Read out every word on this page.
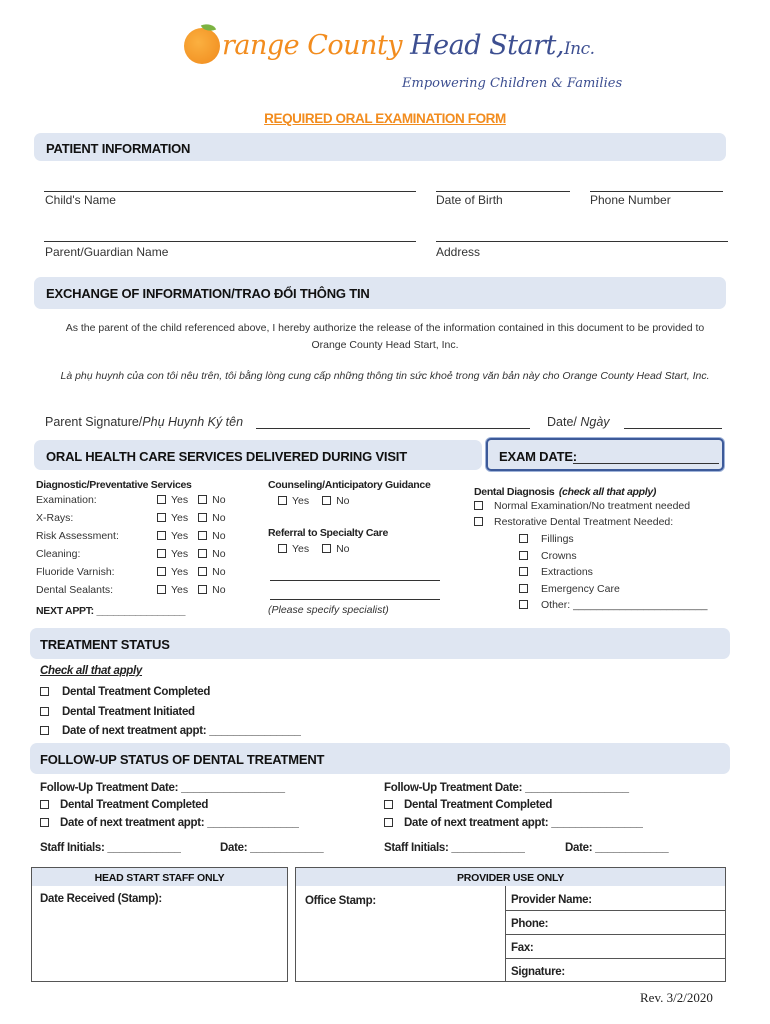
range County Head Start,Inc.
Empowering Children & Families
REQUIRED ORAL EXAMINATION FORM
PATIENT INFORMATION
Child's Name	Date of Birth	Phone Number
Parent/Guardian Name	Address
EXCHANGE OF INFORMATION/TRAO ĐỔI THÔNG TIN
As the parent of the child referenced above, I hereby authorize the release of the information contained in this document to be provided to Orange County Head Start, Inc.
Là phụ huynh của con tôi nêu trên, tôi bằng lòng cung cấp những thông tin sức khoẻ trong văn bản này cho Orange County Head Start, Inc.
Parent Signature/Phụ Huynh Ký tên	Date/ Ngày
ORAL HEALTH CARE SERVICES DELIVERED DURING VISIT	EXAM DATE:
Diagnostic/Preventative Services
Examination:	Yes No
X-Rays:	Yes No
Risk Assessment:	Yes No
Cleaning:	Yes No
Fluoride Varnish:	Yes No
Dental Sealants:	Yes No
NEXT APPT: ________________
Counseling/Anticipatory Guidance
Yes	No
Referral to Specialty Care
Yes	No
(Please specify specialist)
Dental Diagnosis (check all that apply)
Normal Examination/No treatment needed
Restorative Dental Treatment Needed:
Fillings
Crowns
Extractions
Emergency Care
Other: _______________________
TREATMENT STATUS
Check all that apply
Dental Treatment Completed
Dental Treatment Initiated
Date of next treatment appt: _______________
FOLLOW-UP STATUS OF DENTAL TREATMENT
Follow-Up Treatment Date: _________________
Dental Treatment Completed
Date of next treatment appt: _______________
Staff Initials: ____________	Date: ____________
Follow-Up Treatment Date: _________________
Dental Treatment Completed
Date of next treatment appt: _______________
Staff Initials: ____________	Date: ____________
HEAD START STAFF ONLY
Date Received (Stamp):
PROVIDER USE ONLY
Office Stamp:	Provider Name:
Phone:
Fax:
Signature:
Rev. 3/2/2020
